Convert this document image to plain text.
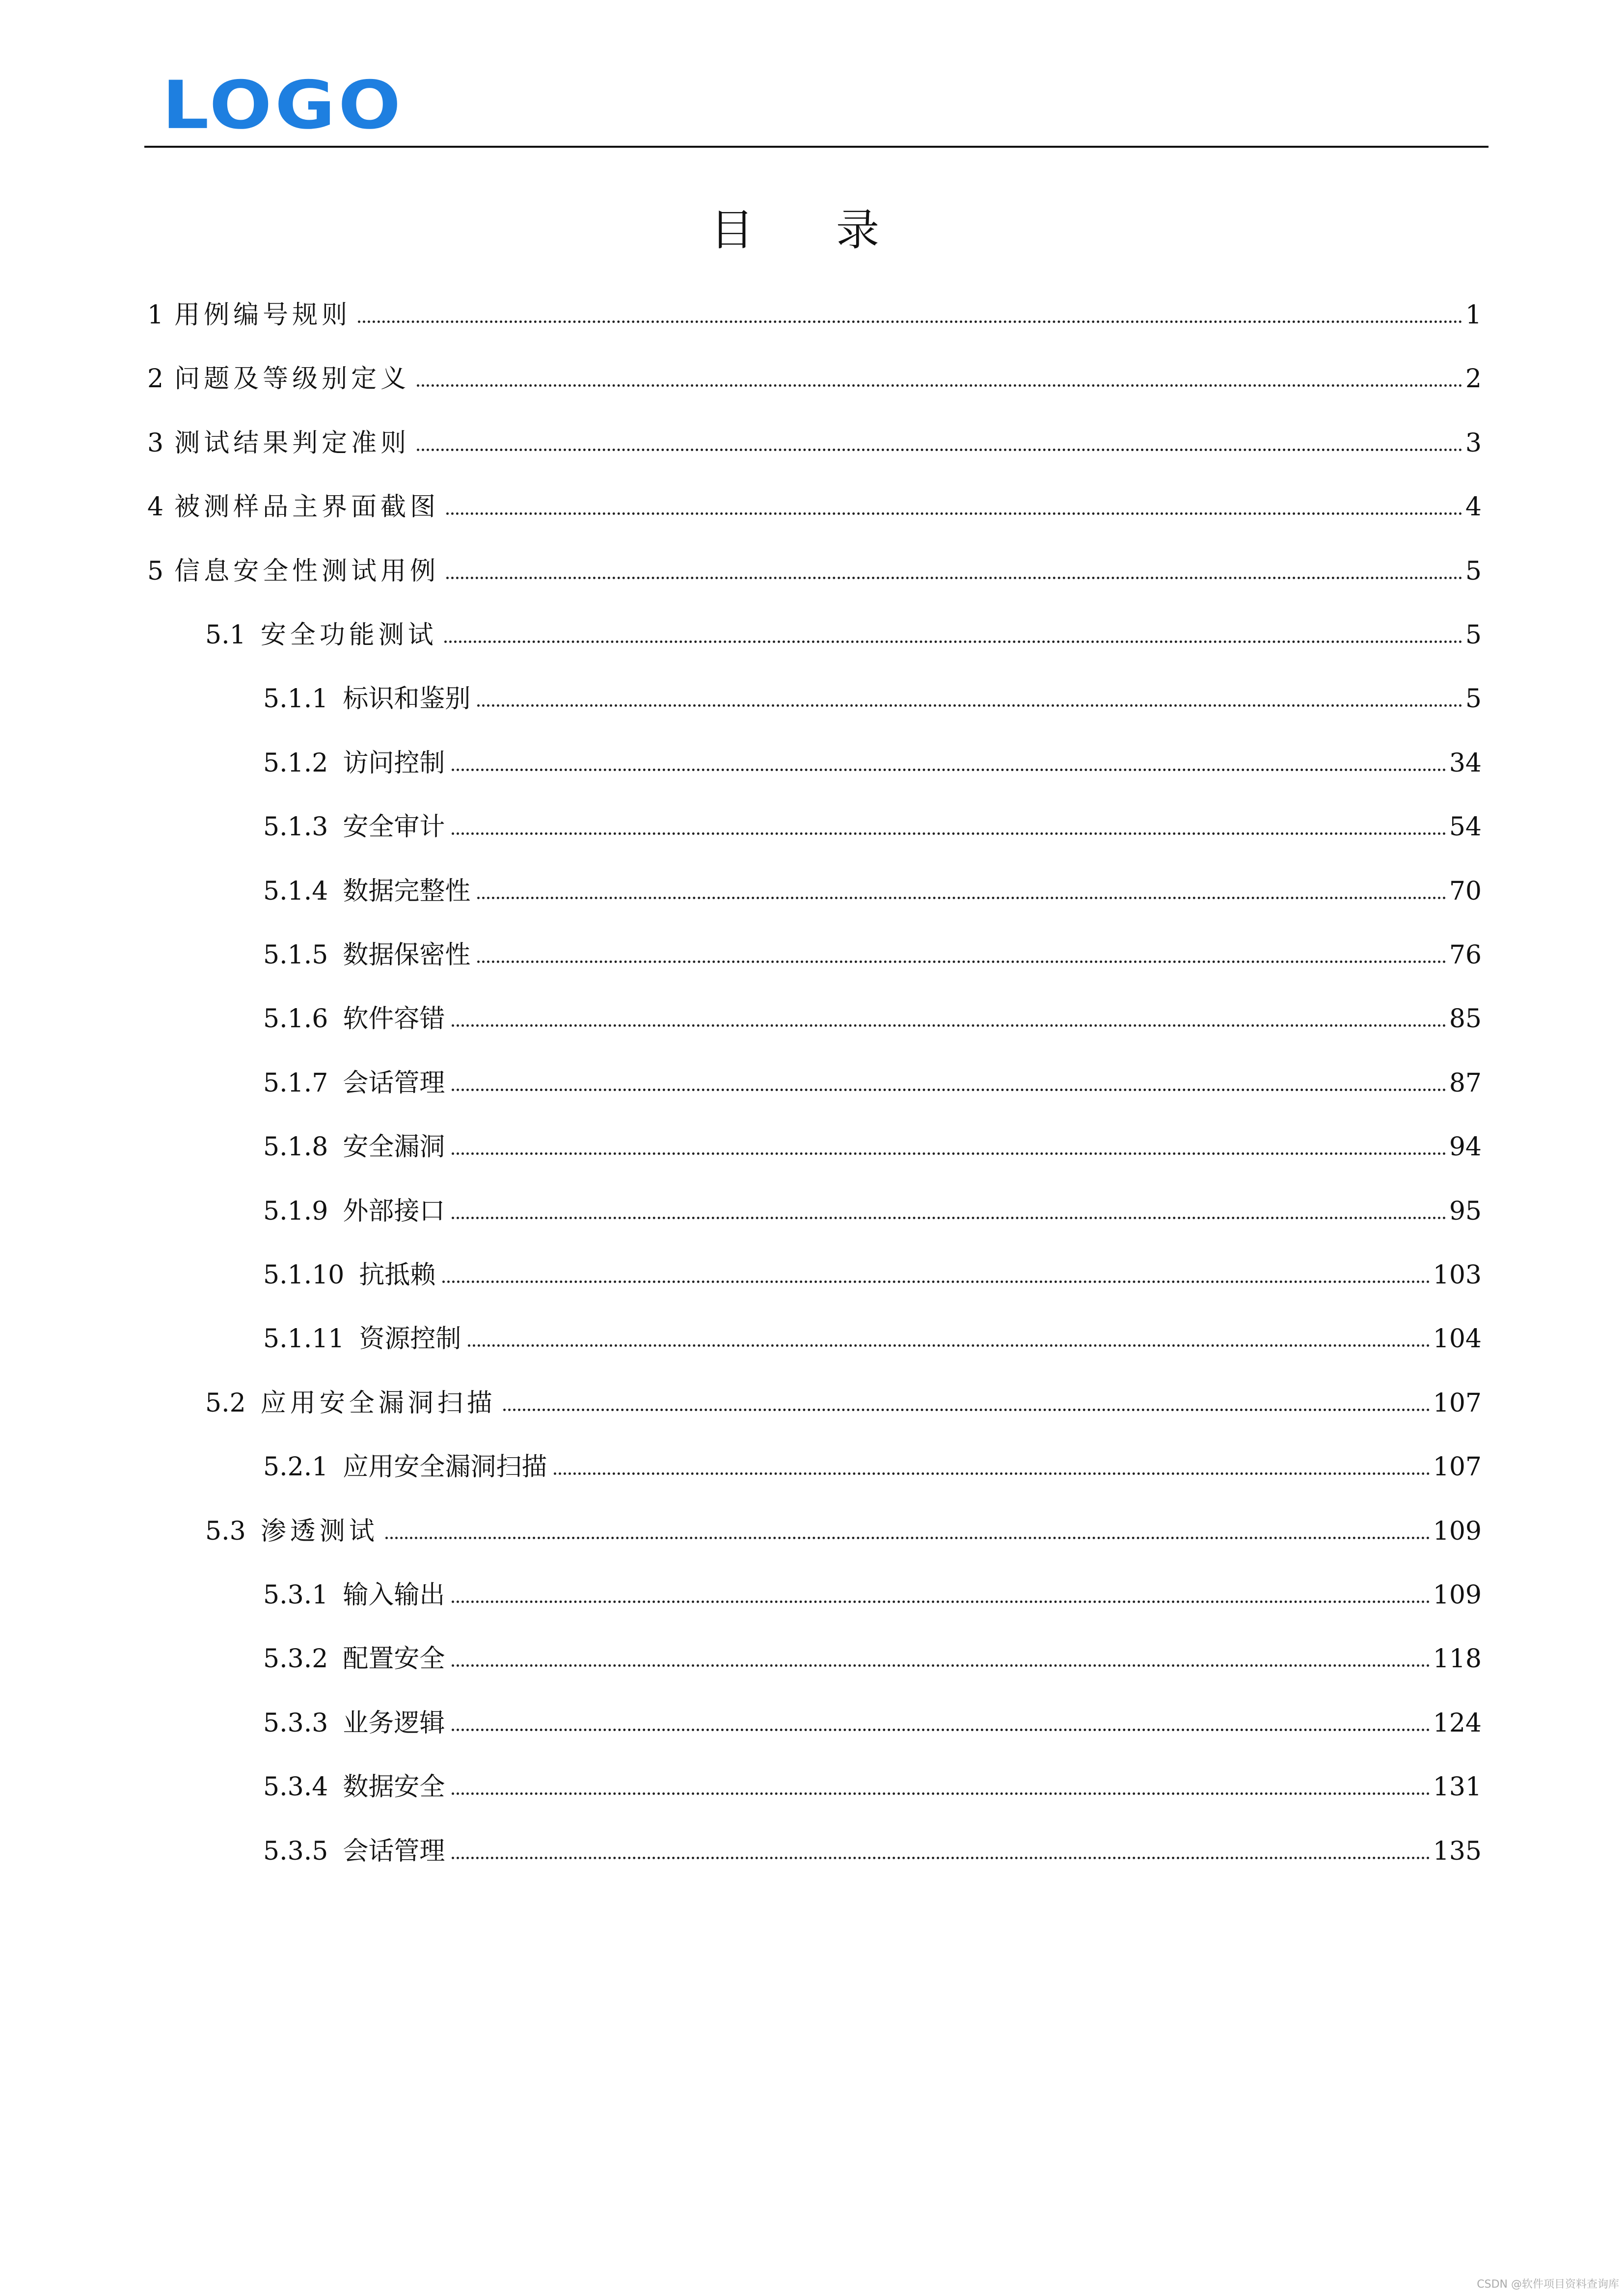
LOGO
目 录
1 用例编号规则	1
2 问题及等级别定义	2
3 测试结果判定准则	3
4 被测样品主界面截图	4
5 信息安全性测试用例	5
5.1 安全功能测试	5
5.1.1 标识和鉴别	5
5.1.2 访问控制	34
5.1.3 安全审计	54
5.1.4 数据完整性	70
5.1.5 数据保密性	76
5.1.6 软件容错	85
5.1.7 会话管理	87
5.1.8 安全漏洞	94
5.1.9 外部接口	95
5.1.10 抗抵赖	103
5.1.11 资源控制	104
5.2 应用安全漏洞扫描	107
5.2.1 应用安全漏洞扫描	107
5.3 渗透测试	109
5.3.1 输入输出	109
5.3.2 配置安全	118
5.3.3 业务逻辑	124
5.3.4 数据安全	131
5.3.5 会话管理	135
CSDN @软件项目资料查询库
